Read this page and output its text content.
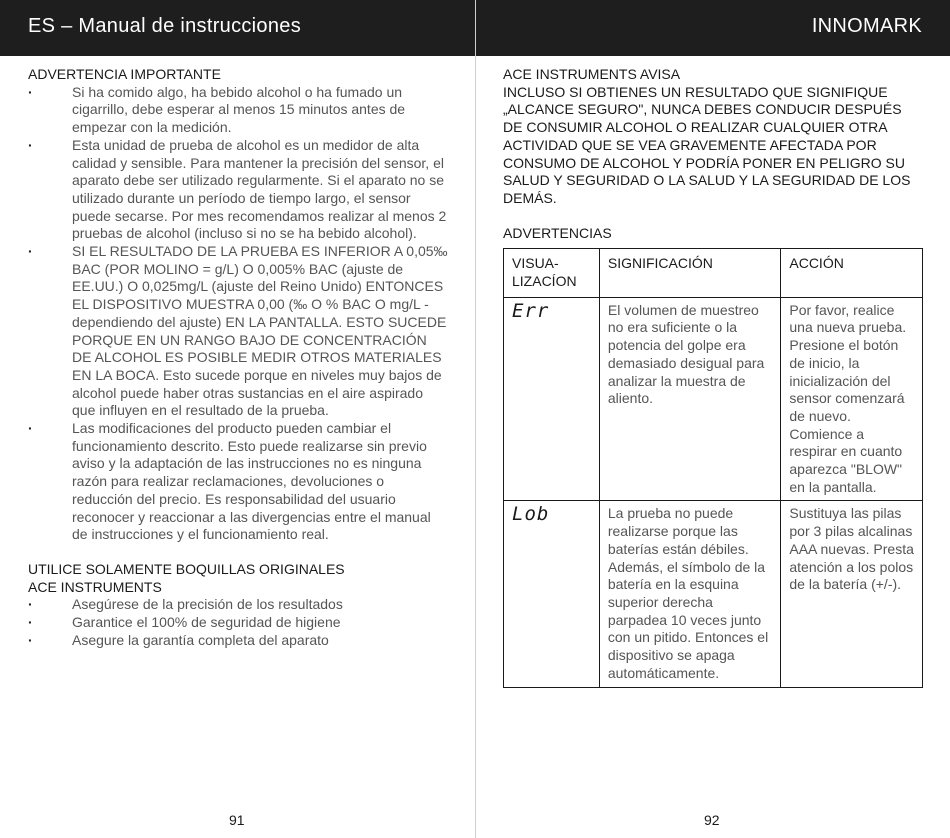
ES – Manual de instrucciones
ADVERTENCIA IMPORTANTE
· Si ha comido algo, ha bebido alcohol o ha fumado un cigarrillo, debe esperar al menos 15 minutos antes de empezar con la medición.
· Esta unidad de prueba de alcohol es un medidor de alta calidad y sensible. Para mantener la precisión del sensor, el aparato debe ser utilizado regularmente. Si el aparato no se utilizado durante un período de tiempo largo, el sensor puede secarse. Por mes recomendamos realizar al menos 2 pruebas de alcohol (incluso si no se ha bebido alcohol).
· SI EL RESULTADO DE LA PRUEBA ES INFERIOR A 0,05‰ BAC (POR MOLINO = g/L) O 0,005% BAC (ajuste de EE.UU.) O 0,025mg/L (ajuste del Reino Unido) ENTONCES EL DISPOSITIVO MUESTRA 0,00 (‰ O % BAC O mg/L - dependiendo del ajuste) EN LA PANTALLA. ESTO SUCEDE PORQUE EN UN RANGO BAJO DE CONCENTRACIÓN DE ALCOHOL ES POSIBLE MEDIR OTROS MATERIALES EN LA BOCA. Esto sucede porque en niveles muy bajos de alcohol puede haber otras sustancias en el aire aspirado que influyen en el resultado de la prueba.
· Las modificaciones del producto pueden cambiar el funcionamiento descrito. Esto puede realizarse sin previo aviso y la adaptación de las instrucciones no es ninguna razón para realizar reclamaciones, devoluciones o reducción del precio. Es responsabilidad del usuario reconocer y reaccionar a las divergencias entre el manual de instrucciones y el funcionamiento real.
UTILICE SOLAMENTE BOQUILLAS ORIGINALES
ACE INSTRUMENTS
· Asegúrese de la precisión de los resultados
· Garantice el 100% de seguridad de higiene
· Asegure la garantía completa del aparato
91
INNOMARK
ACE INSTRUMENTS AVISA
INCLUSO SI OBTIENES UN RESULTADO QUE SIGNIFIQUE „ALCANCE SEGURO", NUNCA DEBES CONDUCIR DESPUÉS DE CONSUMIR ALCOHOL O REALIZAR CUALQUIER OTRA ACTIVIDAD QUE SE VEA GRAVEMENTE AFECTADA POR CONSUMO DE ALCOHOL Y PODRÍA PONER EN PELIGRO SU SALUD Y SEGURIDAD O LA SALUD Y LA SEGURIDAD DE LOS DEMÁS.
ADVERTENCIAS
VISUA-
LIZACÍON	SIGNIFICACIÓN	ACCIÓN
Err	El volumen de muestreo no era suficiente o la potencia del golpe era demasiado desigual para analizar la muestra de aliento.	Por favor, realice una nueva prueba. Presione el botón de inicio, la inicialización del sensor comenzará de nuevo. Comience a respirar en cuanto aparezca "BLOW" en la pantalla.
Lob	La prueba no puede realizarse porque las baterías están débiles. Además, el símbolo de la batería en la esquina superior derecha parpadea 10 veces junto con un pitido. Entonces el dispositivo se apaga automáticamente.	Sustituya las pilas por 3 pilas alcalinas AAA nuevas. Presta atención a los polos de la batería (+/-).
92
